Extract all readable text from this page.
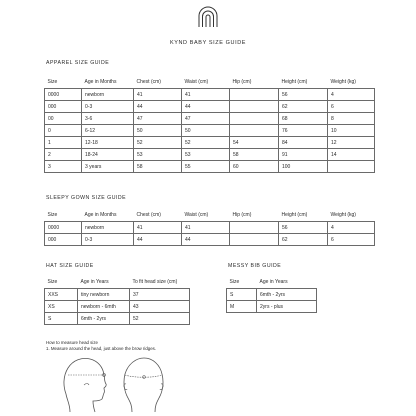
KYND BABY SIZE GUIDE
APPAREL SIZE GUIDE
Size	Age in Months	Chest (cm)	Waist (cm)	Hip (cm)	Height (cm)	Weight (kg)
0000	newborn	41	41		56	4
000	0-3	44	44		62	6
00	3-6	47	47		68	8
0	6-12	50	50		76	10
1	12-18	52	52	54	84	12
2	18-24	53	53	58	91	14
3	3 years	58	55	60	100	
SLEEPY GOWN SIZE GUIDE
Size	Age in Months	Chest (cm)	Waist (cm)	Hip (cm)	Height (cm)	Weight (kg)
0000	newborn	41	41		56	4
000	0-3	44	44		62	6
HAT SIZE GUIDE
Size	Age in Years	To fit head size (cm)
XXS	tiny newborn	37
XS	newborn - 6mth	43
S	6mth - 2yrs	52
MESSY BIB GUIDE
Size	Age in Years
S	6mth - 2yrs
M	2yrs - plus
How to measure head size
1. Measure around the head, just above the brow ridges.
